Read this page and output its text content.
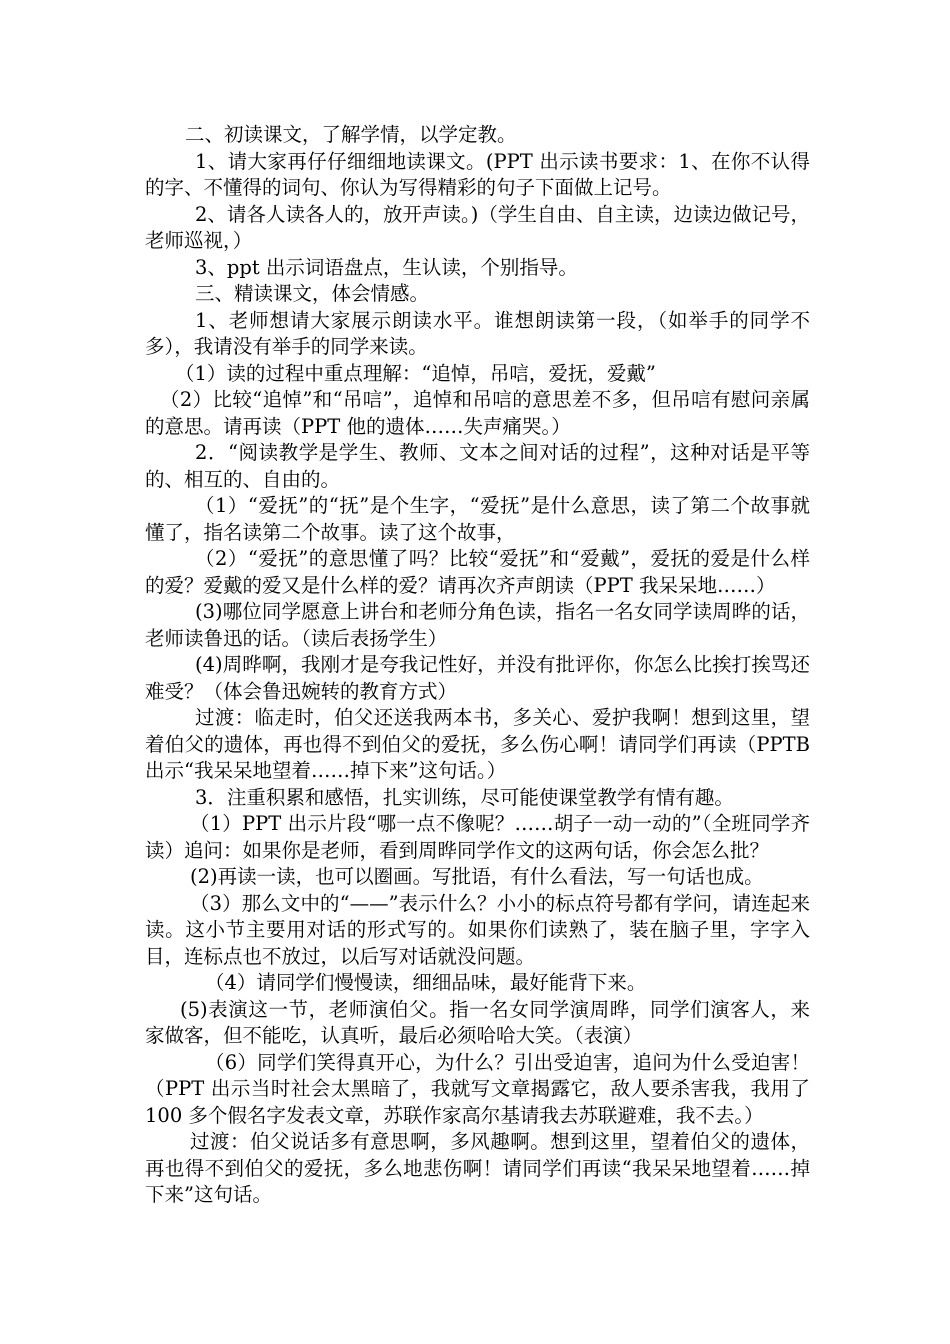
二、初读课文，了解学情，以学定教。

1、请大家再仔仔细细地读课文。(PPT 出示读书要求：1、在你不认得的字、不懂得的词句、你认为写得精彩的句子下面做上记号。

2、请各人读各人的，放开声读。)（学生自由、自主读，边读边做记号，老师巡视，）

3、ppt 出示词语盘点，生认读，个别指导。

三、精读课文，体会情感。

1、老师想请大家展示朗读水平。谁想朗读第一段，（如举手的同学不多），我请没有举手的同学来读。

（1）读的过程中重点理解：“追悼，吊唁，爱抚，爱戴”

（2）比较“追悼”和“吊唁”，追悼和吊唁的意思差不多，但吊唁有慰问亲属的意思。请再读（PPT 他的遗体……失声痛哭。）

2．“阅读教学是学生、教师、文本之间对话的过程”，这种对话是平等的、相互的、自由的。

（1）“爱抚”的“抚”是个生字，“爱抚”是什么意思，读了第二个故事就懂了，指名读第二个故事。读了这个故事，

（2）“爱抚”的意思懂了吗？比较“爱抚”和“爱戴”，爱抚的爱是什么样的爱？爱戴的爱又是什么样的爱？请再次齐声朗读（PPT 我呆呆地……）

(3)哪位同学愿意上讲台和老师分角色读，指名一名女同学读周晔的话，老师读鲁迅的话。（读后表扬学生）

(4)周晔啊，我刚才是夸我记性好，并没有批评你，你怎么比挨打挨骂还难受？（体会鲁迅婉转的教育方式）

过渡：临走时，伯父还送我两本书，多关心、爱护我啊！想到这里，望着伯父的遗体，再也得不到伯父的爱抚，多么伤心啊！请同学们再读（PPTB 出示“我呆呆地望着……掉下来”这句话。）

3．注重积累和感悟，扎实训练，尽可能使课堂教学有情有趣。

（1）PPT 出示片段“哪一点不像呢？……胡子一动一动的”（全班同学齐读）追问：如果你是老师，看到周晔同学作文的这两句话，你会怎么批？

(2)再读一读，也可以圈画。写批语，有什么看法，写一句话也成。

（3）那么文中的“——”表示什么？小小的标点符号都有学问，请连起来读。这小节主要用对话的形式写的。如果你们读熟了，装在脑子里，字字入目，连标点也不放过，以后写对话就没问题。

（4）请同学们慢慢读，细细品味，最好能背下来。

(5)表演这一节，老师演伯父。指一名女同学演周晔，同学们演客人，来家做客，但不能吃，认真听，最后必须哈哈大笑。（表演）

（6）同学们笑得真开心，为什么？引出受迫害，追问为什么受迫害！（PPT 出示当时社会太黑暗了，我就写文章揭露它，敌人要杀害我，我用了 100 多个假名字发表文章，苏联作家高尔基请我去苏联避难，我不去。）

过渡：伯父说话多有意思啊，多风趣啊。想到这里，望着伯父的遗体，再也得不到伯父的爱抚，多么地悲伤啊！请同学们再读“我呆呆地望着……掉下来”这句话。
